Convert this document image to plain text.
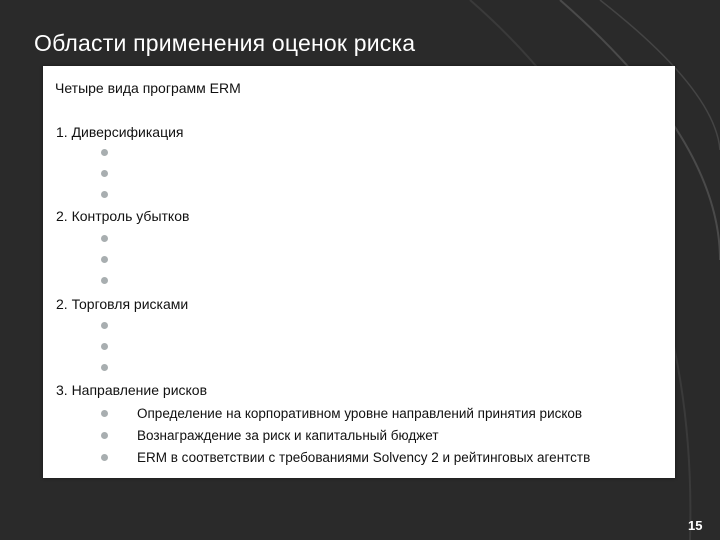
Области применения оценок риска
Четыре вида программ ERM
1. Диверсификация
2. Контроль убытков
2. Торговля рисками
3. Направление рисков
Определение на корпоративном уровне направлений принятия рисков
Вознаграждение за риск и капитальный бюджет
ERM в соответствии с требованиями Solvency 2 и рейтинговых агентств
15
